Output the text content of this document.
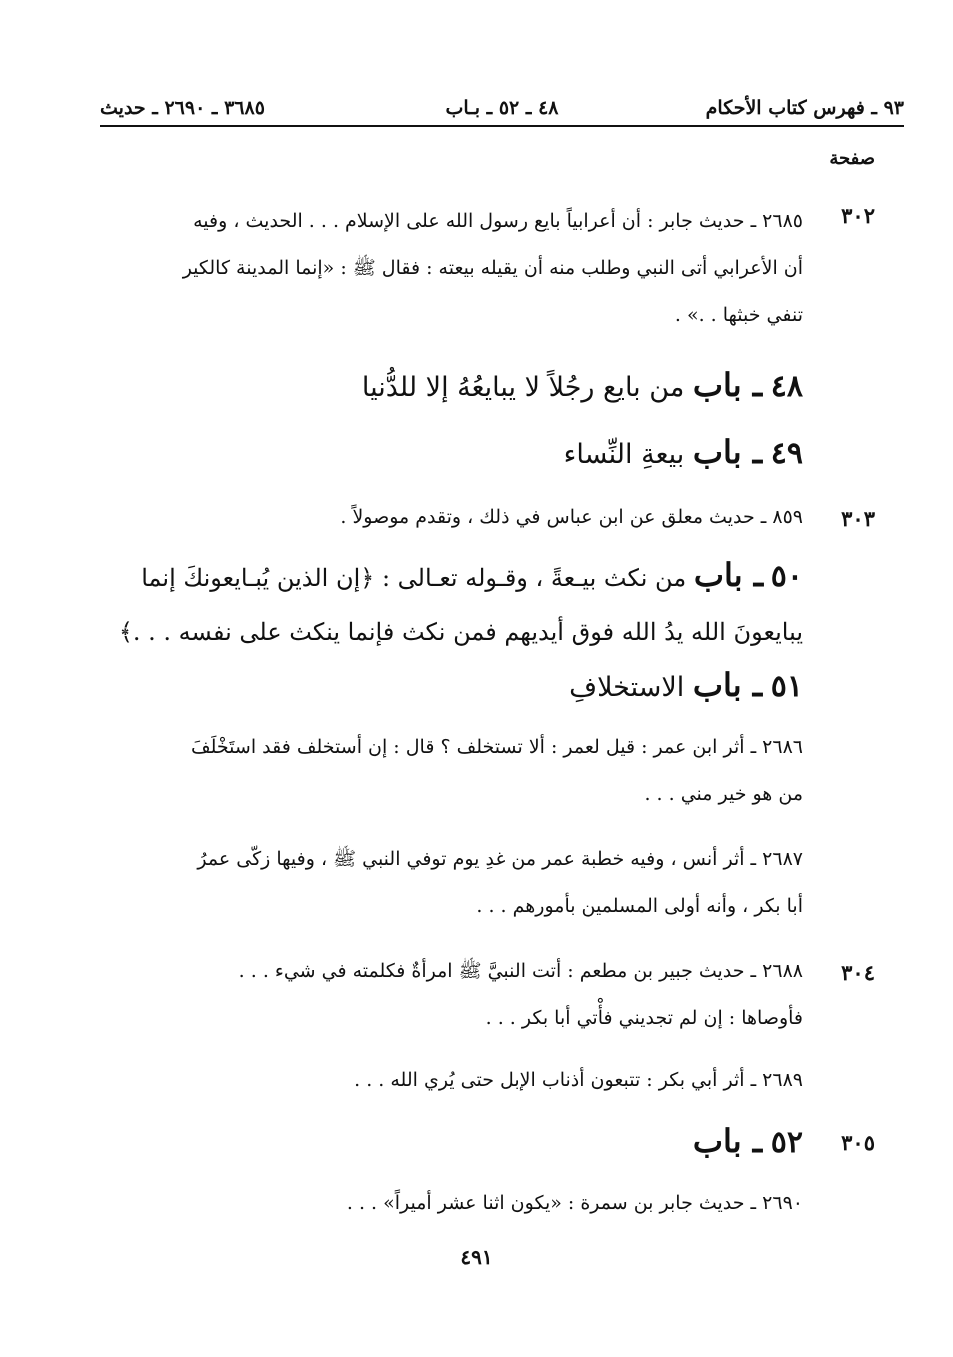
٩٣ ـ فهرس كتاب الأحكام
٤٨ ـ ٥٢ ـ بـاب
٣٦٨٥ ـ ٢٦٩٠ ـ حديث
صفحة
٣٠٢
٢٦٨٥ ـ حديث جابر : أن أعرابياً بايع رسول الله على الإسلام . . . الحديث ، وفيه
أن الأعرابي أتى النبي وطلب منه أن يقيله بيعته : فقال ﷺ : «إنما المدينة كالكير
تنفي خبثها . .» .
٤٨ ـ باب من بايع رجُلاً لا يبايعُهُ إلا للدُّنيا
٤٩ ـ باب بيعةِ النِّساء
٣٠٣
٨٥٩ ـ حديث معلق عن ابن عباس في ذلك ، وتقدم موصولاً .
٥٠ ـ باب من نكث بيـعةً ، وقـوله تعـالى : ﴿إن الذين يُبـايعونكَ إنما
يبايعونَ الله يدُ الله فوق أيديهم فمن نكث فإنما ينكث على نفسه . . .﴾
٥١ ـ باب الاستخلافِ
٢٦٨٦ ـ أثر ابن عمر : قيل لعمر : ألا تستخلف ؟ قال : إن أستخلف فقد استَخْلَفَ
من هو خير مني . . .
٢٦٨٧ ـ أثر أنس ، وفيه خطبة عمر من غدِ يوم توفي النبي ﷺ ، وفيها زكّى عمرُ
أبا بكر ، وأنه أولى المسلمين بأمورهم . . .
٣٠٤
٢٦٨٨ ـ حديث جبير بن مطعم : أتت النبيَّ ﷺ امرأةٌ فكلمته في شيء . . .
فأوصاها : إن لم تجديني فأْتي أبا بكر . . .
٢٦٨٩ ـ أثر أبي بكر : تتبعون أذناب الإبل حتى يُري الله . . .
٣٠٥
٥٢ ـ باب
٢٦٩٠ ـ حديث جابر بن سمرة : «يكون اثنا عشر أميراً» . . .
٤٩١
